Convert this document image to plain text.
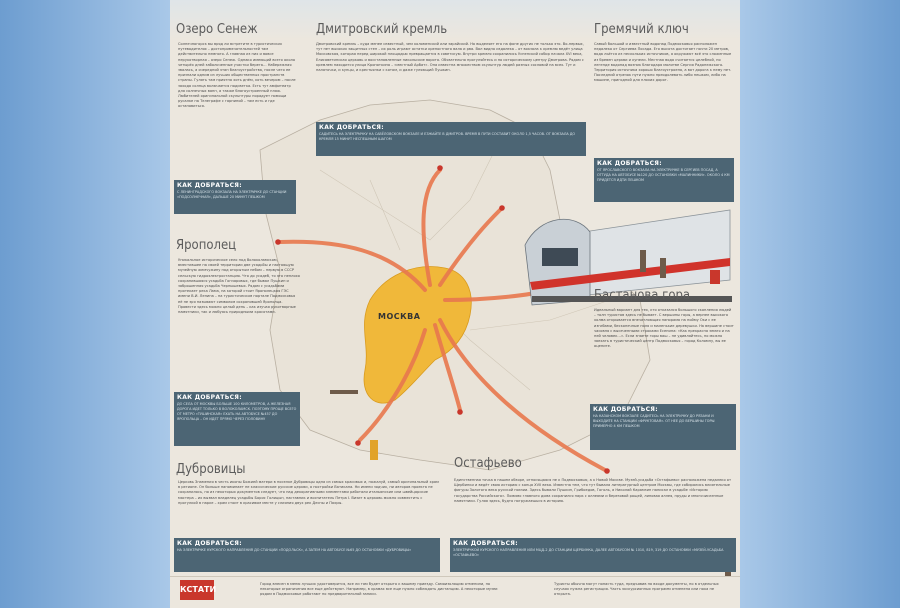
МОСКВА
Озеро Сенеж
Солнечногорск вы вряд ли встретите в туристических путеводителях – достопримечательностей там действительно немного. А главная из них и вовсе нерукотворная – озеро Сенеж. Однако имеющий всего около четырёх дней заболоченные участки берега… Набережная звалась, а очередной этап благоустройства, после чего ее признали одним из лучших общественных пространств страны. Гулять там приятно хоть днём, хоть вечером – после захода солнца включается подсветка. Есть тут амфитеатр для солнечных ванн, а также благоустроенный пляж. Любителей оригинальной скульптуры порадует помощи русалке на Телеграфе с гарпиной – там есть и где остановиться.
КАК ДОБРАТЬСЯ:
С ЛЕНИНГРАДСКОГО ВОКЗАЛА НА ЭЛЕКТРИЧКЕ ДО СТАНЦИИ «ПОДСОЛНЕЧНАЯ», ДАЛЬШЕ 20 МИНУТ ПЕШКОМ
Дмитровский кремль
Дмитровский кремль – куда менее известный, чем коломенский или зарайский. Но выделяет его на фоне других не только это. Во-первых, тут нет высоких защитных стен – их роль играют остатки крепостного вала и рва. Вал видно издалека – от вокзала к кремлю ведёт улица Московская, которая перед широкой площадью превращается в советскую. Внутри кремля сохранились Успенский собор начала XVI века, Елисаветинская церковь и восстановленные никольские ворота. Обязательно прогуляйтесь и по историческому центру Дмитрова. Рядом с кремлем находится улица Кропоткина – «местный Арбат». Она известна множеством скульптур людей разных сословий на всех. Тут и палаточки, и купцы, и крестьянки с котом, и даже гуляющий Пушкин.
КАК ДОБРАТЬСЯ:
САДИТЕСЬ НА ЭЛЕКТРИЧКУ НА САВЁЛОВСКОМ ВОКЗАЛЕ И ЕЗЖАЙТЕ В ДМИТРОВ. ВРЕМЯ В ПУТИ СОСТАВИТ ОКОЛО 1,5 ЧАСОВ. ОТ ВОКЗАЛА ДО КРЕМЛЯ 15 МИНУТ НЕСПЕШНЫМ ШАГОМ
Гремячий ключ
Самый большой и известный водопад Подмосковья расположен недалеко от Сергиева Посада. Его высота достигает почти 20 метров, вода льётся из нескольких источников, а окружают всё это сложенные из бревен церкви и купели. Местная вода считается целебной, по легенде водопад возник благодаря молитве Сергия Радонежского. Территория источника хорошо благоустроена, а вот дорога к нему нет. Последний отрезок пути нужно преодолевать либо пешком, либо на машине, пригодной для плохих дорог.
КАК ДОБРАТЬСЯ:
ОТ ЯРОСЛАВСКОГО ВОКЗАЛА НА ЭЛЕКТРИЧКЕ В СЕРГИЕВ ПОСАД, А ОТТУДА НА АВТОБУСЕ №120 ДО ОСТАНОВКИ «МАЛИННИКИ». ОКОЛО 4 КМ ПРИДЕТСЯ ИДТИ ПЕШКОМ
Ярополец
Уникальное историческое село под Волоколамском, вместившее на своей территории две усадьбы и настоящую музейную жемчужину под открытым небом – первую в СССР сельскую гидроэлектростанцию. Что до усадеб, то это неплохо сохранившаяся усадьба Гончаровых, где бывал Пушкин и заброшенная усадьба Чернышевых. Рядом с усадьбами протекает река Лама, на которой стоит Ярополецкая ГЭС имени В.И. Ленина – на туристическом портале Подмосковья её не зря называют символом сохранившей Ярополца. Провести здесь можно целый день – как изучая рукотворные памятники, так и любуясь природными красотами.
КАК ДОБРАТЬСЯ:
ДО СЕЛА ОТ МОСКВЫ БОЛЬШЕ 100 КИЛОМЕТРОВ, А ЖЕЛЕЗНАЯ ДОРОГА ИДЕТ ТОЛЬКО В ВОЛОКОЛАМСК. ПОЭТОМУ ПРОЩЕ ВСЕГО ОТ МЕТРО «ТУШИНСКАЯ» ЕХАТЬ НА АВТОБУСЕ №457 ДО ЯРОПОЛЬЦА – ОН ИДЕТ ПРЯМО ЧЕРЕЗ ПОЛОВИНУ
Бастанова гора
Идеальный вариант для тех, кто отказался большого скопления людей – толп туристов здесь не бывает. С вершины горы, а вернее высокого холма открывается впечатляющая панорама на пойму Оки с ее изгибами, бесконечные поля и маленькие деревушки. На вершине стоит часовня с высеченными строками Есенина: «Как прекрасна земля и на ней человек…». Если знаете горы ваш – не удивляйтесь, но можно заехать в туристический центр Подмосковья – город Коломну, вы ее оцените.
КАК ДОБРАТЬСЯ:
НА КАЗАНСКОМ ВОКЗАЛЕ САДИТЕСЬ НА ЭЛЕКТРИЧКУ ДО РЯЗАНИ И ВЫХОДИТЕ НА СТАНЦИИ «ФРУКТОВАЯ». ОТ НЕЕ ДО ВЕРШИНЫ ГОРЫ ПРИМЕРНО 4 КМ ПЕШКОМ
Дубровицы
Церковь Знамения в честь иконы Божией матери в поселке Дубровицы одна из самых красивых и, пожалуй, самый оригинальный храм в регионе. Он больше напоминает не классические русские церкви, а постройки Ватикана. Ни имени зодчих, ни авторов проекта не сохранилось, но из некоторых документов следует, что над декоративными элементами работали итальянские или швейцарские мастера – их вызвал владелец усадьбы Борис Голицын, наставник и воспитатель Петра I. Визит в церковь можно совместить с прогулкой в парке – храм стоит в красивом месте у слияния двух рек Десны и Пахры.
КАК ДОБРАТЬСЯ:
НА ЭЛЕКТРИЧКЕ КУРСКОГО НАПРАВЛЕНИЯ ДО СТАНЦИИ «ПОДОЛЬСК», А ЗАТЕМ НА АВТОБУСЕ №65 ДО ОСТАНОВКИ «ДУБРОВИЦЫ»
Остафьево
Единственная точка в нашем обзоре, относящаяся не к Подмосковью, а к Новой Москве. Музей-усадьба «Остафьево» расположена недалеко от Щербинки и ведёт свою историю с конца XVII века. Известна тем, что тут бывала литературный центром Москвы, где собирались влиятельные фигуры Золотого века русской поэзии. Здесь бывали Пушкин, Грибоедов, Гоголь, а Николай Карамзин написал в усадьбе «Историю государства Российского». Помимо главного дома сохранился парк с аллеями и березовой рощей, липовая аллея, пруды и многочисленные памятники. Гуляя здесь, будто погружаешься в историю.
КАК ДОБРАТЬСЯ:
ЭЛЕКТРИЧКОЙ КУРСКОГО НАПРАВЛЕНИЯ ИЛИ МЦД-2 ДО СТАНЦИИ ЩЕРБИНКА, ДАЛЕЕ АВТОБУСОМ № 1010, 819, 319 ДО ОСТАНОВКИ «МУЗЕЙ-УСАДЬБА «ОСТАФЬЕВО»
КСТАТИ
Город внесен в меню лучших удостоверится, все ли там будет открыто к вашему приезду. Самоизоляцию отменили, но некоторые ограничения все еще действуют. Например, в храмах все еще нужно соблюдать дистанцию. А некоторые музеи рядом в Подмосковье работают по предварительной записи.
Туристы обычно могут попасть туда, предъявив на входе документы, но в отдельных случаях нужна регистрация. Часть экскурсионных программ отменена или пока не открыта.
